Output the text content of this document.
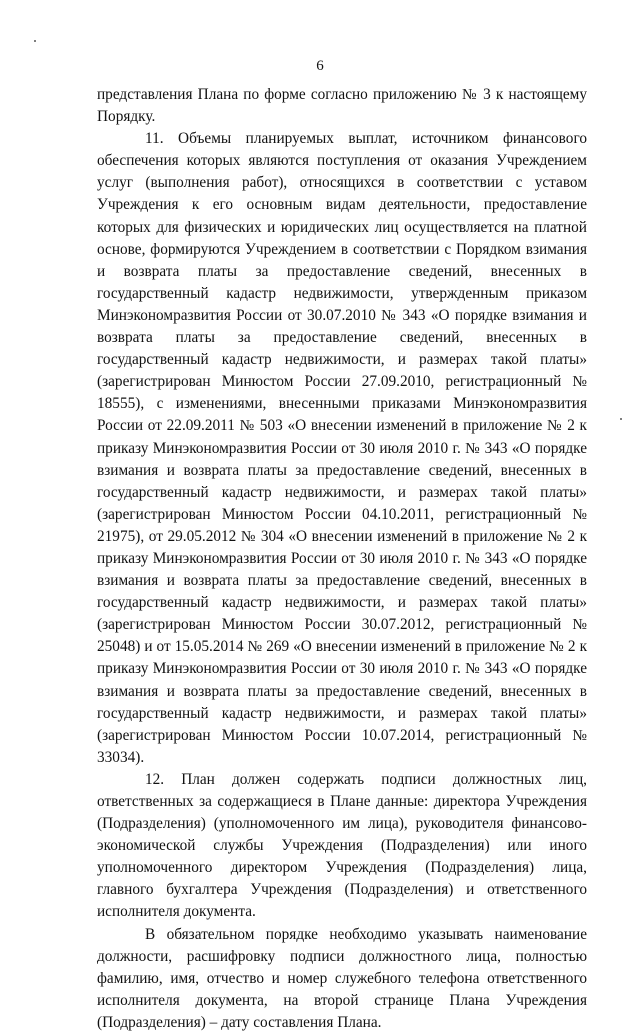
6

представления Плана по форме согласно приложению № 3 к настоящему Порядку.

11. Объемы планируемых выплат, источником финансового обеспечения которых являются поступления от оказания Учреждением услуг (выполнения работ), относящихся в соответствии с уставом Учреждения к его основным видам деятельности, предоставление которых для физических и юридических лиц осуществляется на платной основе, формируются Учреждением в соответствии с Порядком взимания и возврата платы за предоставление сведений, внесенных в государственный кадастр недвижимости, утвержденным приказом Минэкономразвития России от 30.07.2010 № 343 «О порядке взимания и возврата платы за предоставление сведений, внесенных в государственный кадастр недвижимости, и размерах такой платы» (зарегистрирован Минюстом России 27.09.2010, регистрационный № 18555), с изменениями, внесенными приказами Минэкономразвития России от 22.09.2011 № 503 «О внесении изменений в приложение № 2 к приказу Минэкономразвития России от 30 июля 2010 г. № 343 «О порядке взимания и возврата платы за предоставление сведений, внесенных в государственный кадастр недвижимости, и размерах такой платы» (зарегистрирован Минюстом России 04.10.2011, регистрационный № 21975), от 29.05.2012 № 304 «О внесении изменений в приложение № 2 к приказу Минэкономразвития России от 30 июля 2010 г. № 343 «О порядке взимания и возврата платы за предоставление сведений, внесенных в государственный кадастр недвижимости, и размерах такой платы» (зарегистрирован Минюстом России 30.07.2012, регистрационный № 25048) и от 15.05.2014 № 269 «О внесении изменений в приложение № 2 к приказу Минэкономразвития России от 30 июля 2010 г. № 343 «О порядке взимания и возврата платы за предоставление сведений, внесенных в государственный кадастр недвижимости, и размерах такой платы» (зарегистрирован Минюстом России 10.07.2014, регистрационный № 33034).

12. План должен содержать подписи должностных лиц, ответственных за содержащиеся в Плане данные: директора Учреждения (Подразделения) (уполномоченного им лица), руководителя финансово-экономической службы Учреждения (Подразделения) или иного уполномоченного директором Учреждения (Подразделения) лица, главного бухгалтера Учреждения (Подразделения) и ответственного исполнителя документа.

В обязательном порядке необходимо указывать наименование должности, расшифровку подписи должностного лица, полностью фамилию, имя, отчество и номер служебного телефона ответственного исполнителя документа, на второй странице Плана Учреждения (Подразделения) – дату составления Плана.
